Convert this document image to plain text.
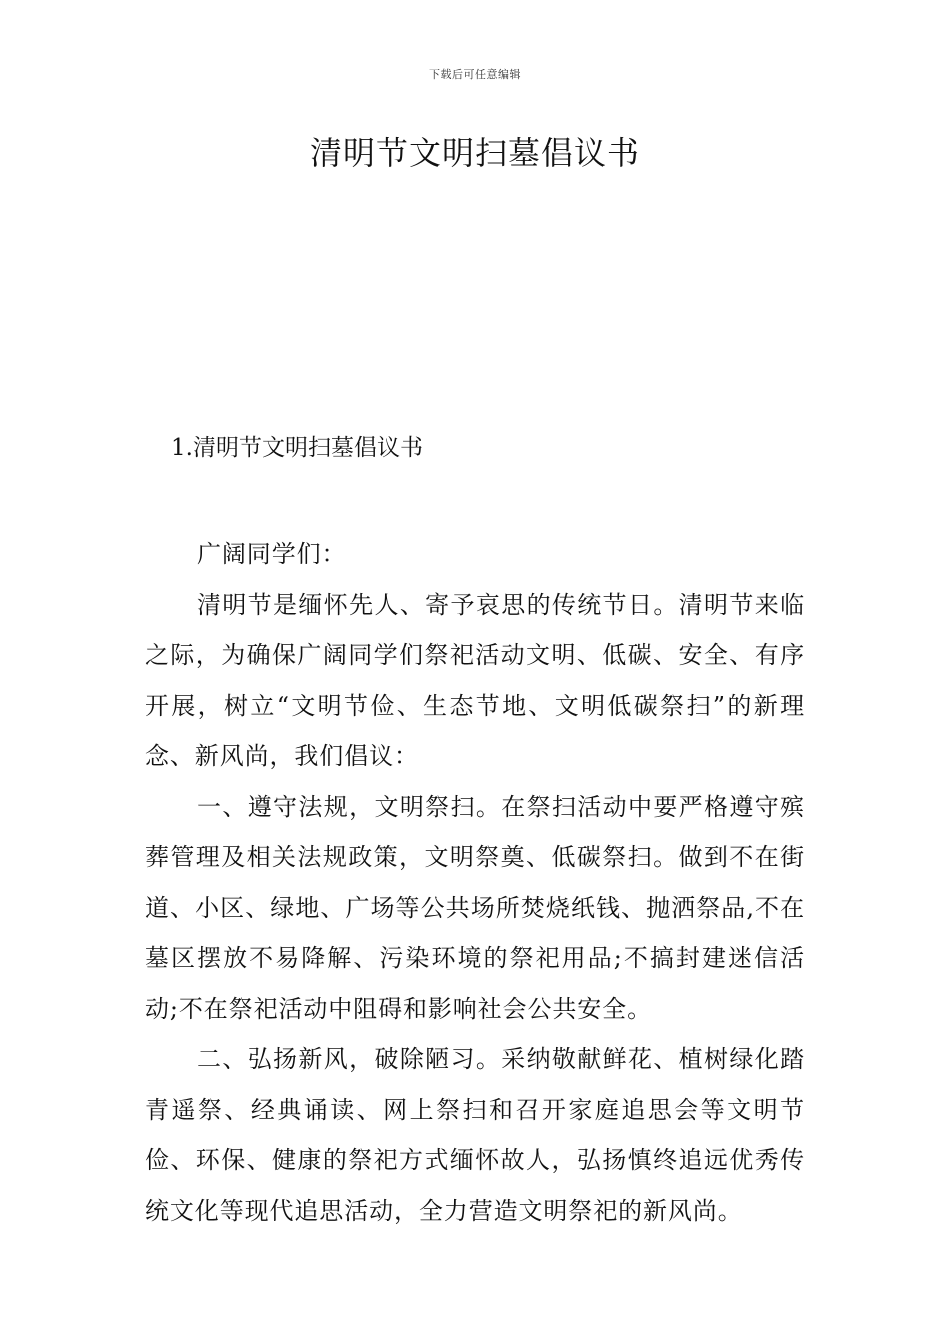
下载后可任意编辑
清明节文明扫墓倡议书
1.清明节文明扫墓倡议书

广阔同学们：

清明节是缅怀先人、寄予哀思的传统节日。清明节来临之际，为确保广阔同学们祭祀活动文明、低碳、安全、有序开展，树立“文明节俭、生态节地、文明低碳祭扫”的新理念、新风尚，我们倡议：

一、遵守法规，文明祭扫。在祭扫活动中要严格遵守殡葬管理及相关法规政策，文明祭奠、低碳祭扫。做到不在街道、小区、绿地、广场等公共场所焚烧纸钱、抛洒祭品,不在墓区摆放不易降解、污染环境的祭祀用品;不搞封建迷信活动;不在祭祀活动中阻碍和影响社会公共安全。

二、弘扬新风，破除陋习。采纳敬献鲜花、植树绿化踏青遥祭、经典诵读、网上祭扫和召开家庭追思会等文明节俭、环保、健康的祭祀方式缅怀故人，弘扬慎终追远优秀传统文化等现代追思活动，全力营造文明祭祀的新风尚。
